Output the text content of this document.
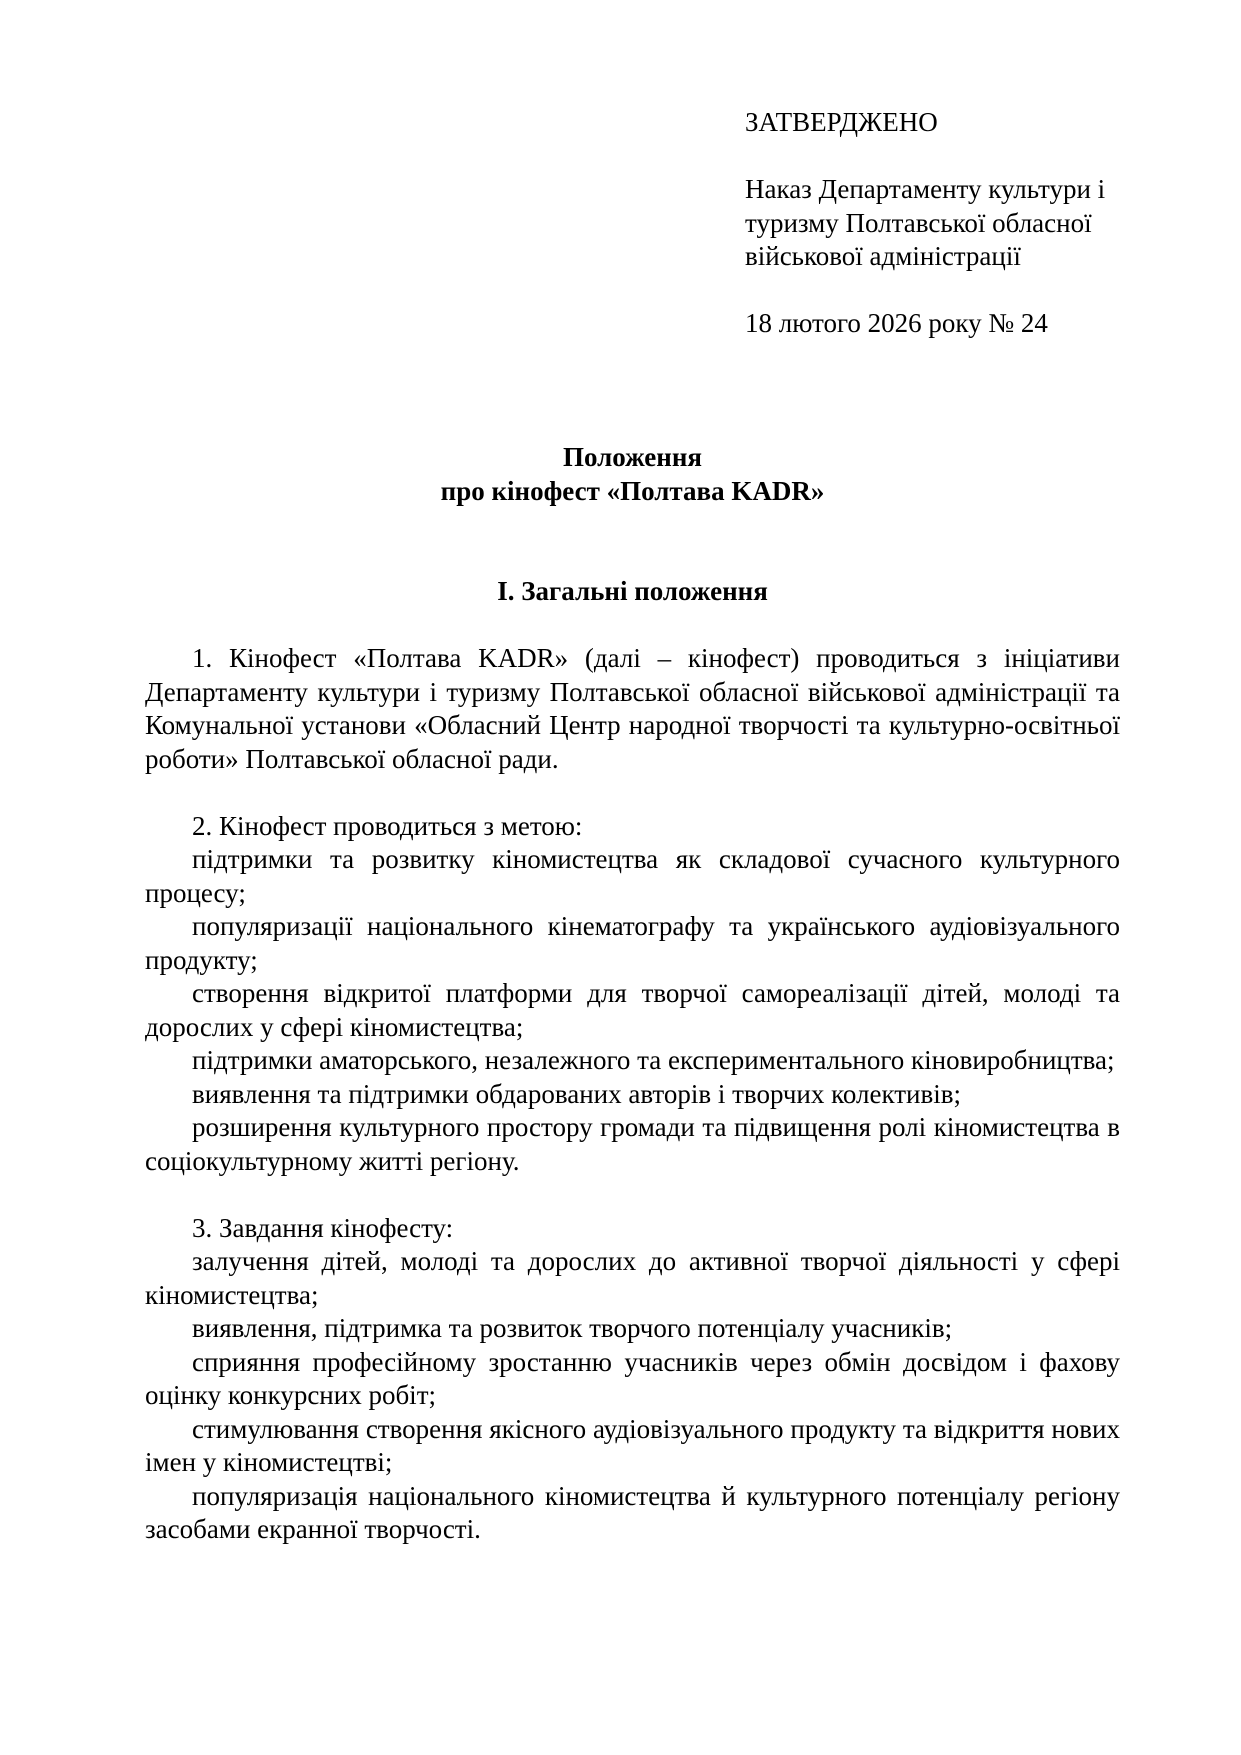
ЗАТВЕРДЖЕНО

Наказ Департаменту культури і

туризму Полтавської обласної

військової адміністрації

18 лютого 2026 року № 24

Положення

про кінофест «Полтава KADR»

І. Загальні положення

1. Кінофест «Полтава KADR» (далі – кінофест) проводиться з ініціативи Департаменту культури і туризму Полтавської обласної військової адміністрації та Комунальної установи «Обласний Центр народної творчості та культурно-освітньої роботи» Полтавської обласної ради.

2. Кінофест проводиться з метою:

підтримки та розвитку кіномистецтва як складової сучасного культурного процесу;

популяризації національного кінематографу та українського аудіовізуального продукту;

створення відкритої платформи для творчої самореалізації дітей, молоді та дорослих у сфері кіномистецтва;

підтримки аматорського, незалежного та експериментального кіновиробництва;

виявлення та підтримки обдарованих авторів і творчих колективів;

розширення культурного простору громади та підвищення ролі кіномистецтва в соціокультурному житті регіону.

3. Завдання кінофесту:

залучення дітей, молоді та дорослих до активної творчої діяльності у сфері кіномистецтва;

виявлення, підтримка та розвиток творчого потенціалу учасників;

сприяння професійному зростанню учасників через обмін досвідом і фахову оцінку конкурсних робіт;

стимулювання створення якісного аудіовізуального продукту та відкриття нових імен у кіномистецтві;

популяризація національного кіномистецтва й культурного потенціалу регіону засобами екранної творчості.
